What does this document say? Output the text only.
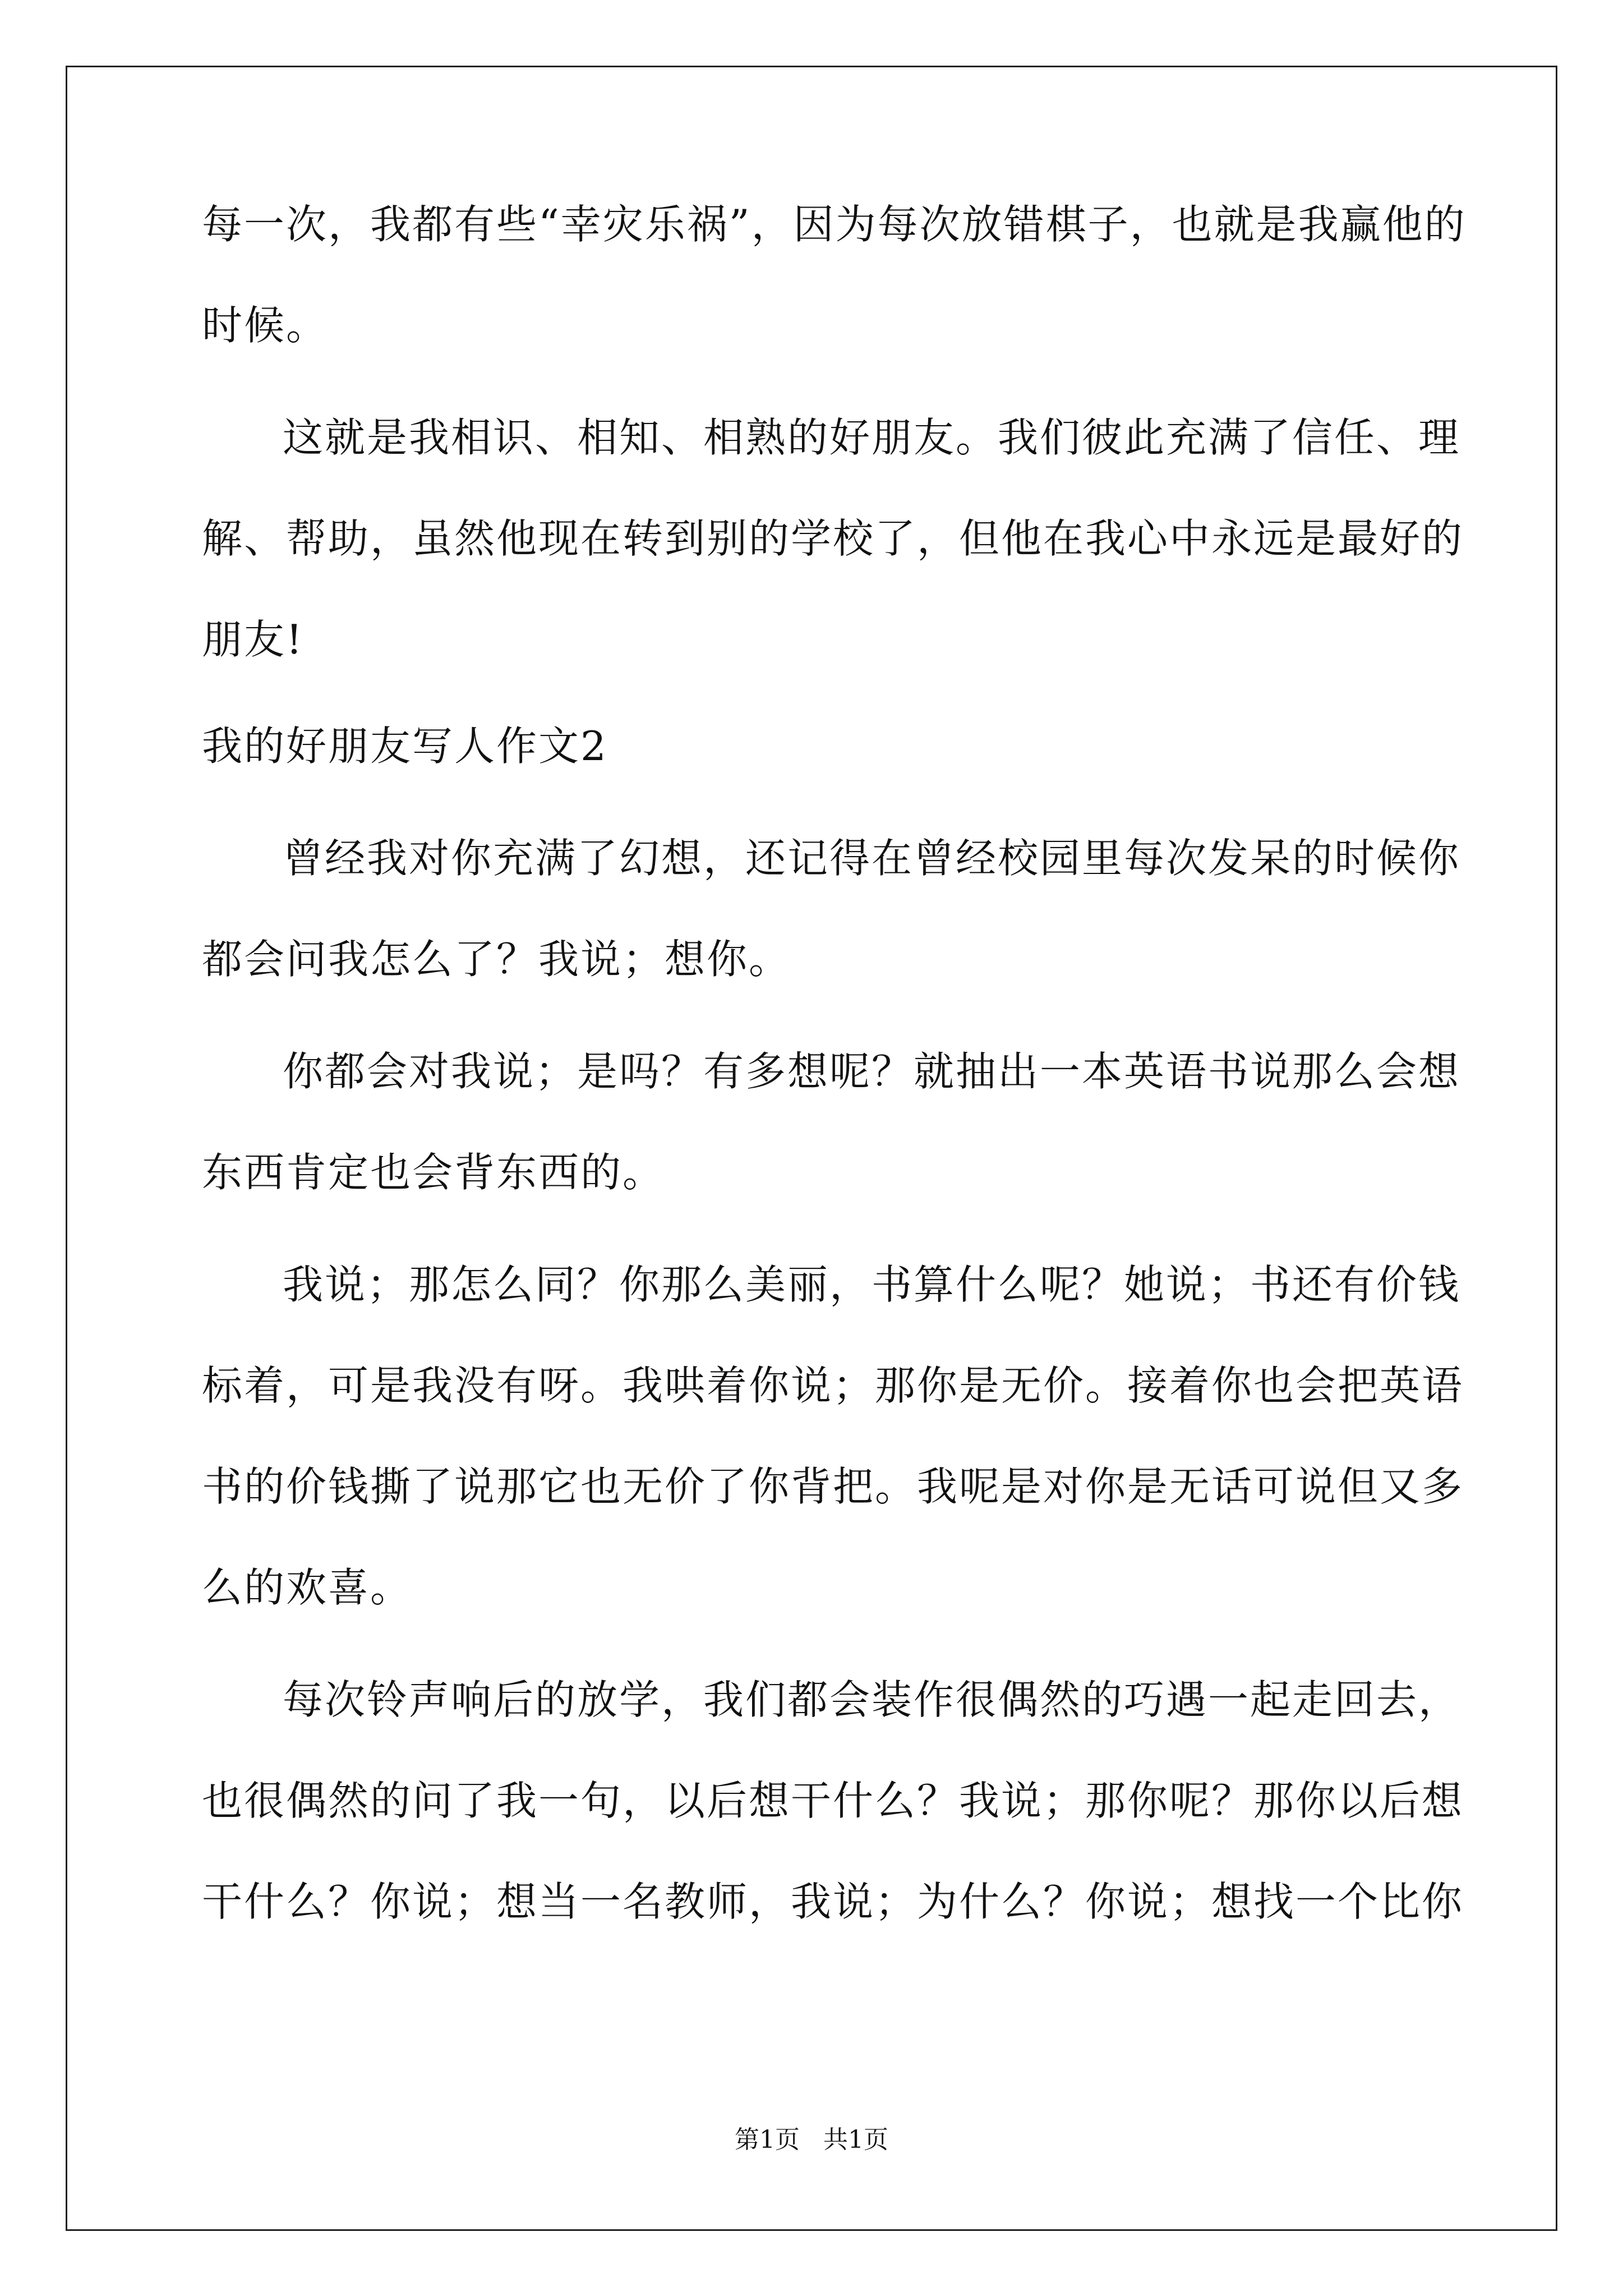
每一次，我都有些“幸灾乐祸”，因为每次放错棋子，也就是我赢他的
时候。
这就是我相识、相知、相熟的好朋友。我们彼此充满了信任、理
解、帮助，虽然他现在转到别的学校了，但他在我心中永远是最好的
朋友!
我的好朋友写人作文2
曾经我对你充满了幻想，还记得在曾经校园里每次发呆的时候你
都会问我怎么了？我说；想你。
你都会对我说；是吗？有多想呢？就抽出一本英语书说那么会想
东西肯定也会背东西的。
我说；那怎么同？你那么美丽，书算什么呢？她说；书还有价钱
标着，可是我没有呀。我哄着你说；那你是无价。接着你也会把英语
书的价钱撕了说那它也无价了你背把。我呢是对你是无话可说但又多
么的欢喜。
每次铃声响后的放学，我们都会装作很偶然的巧遇一起走回去，
也很偶然的问了我一句，以后想干什么？我说；那你呢？那你以后想
干什么？你说；想当一名教师，我说；为什么？你说；想找一个比你
第1页   共1页
